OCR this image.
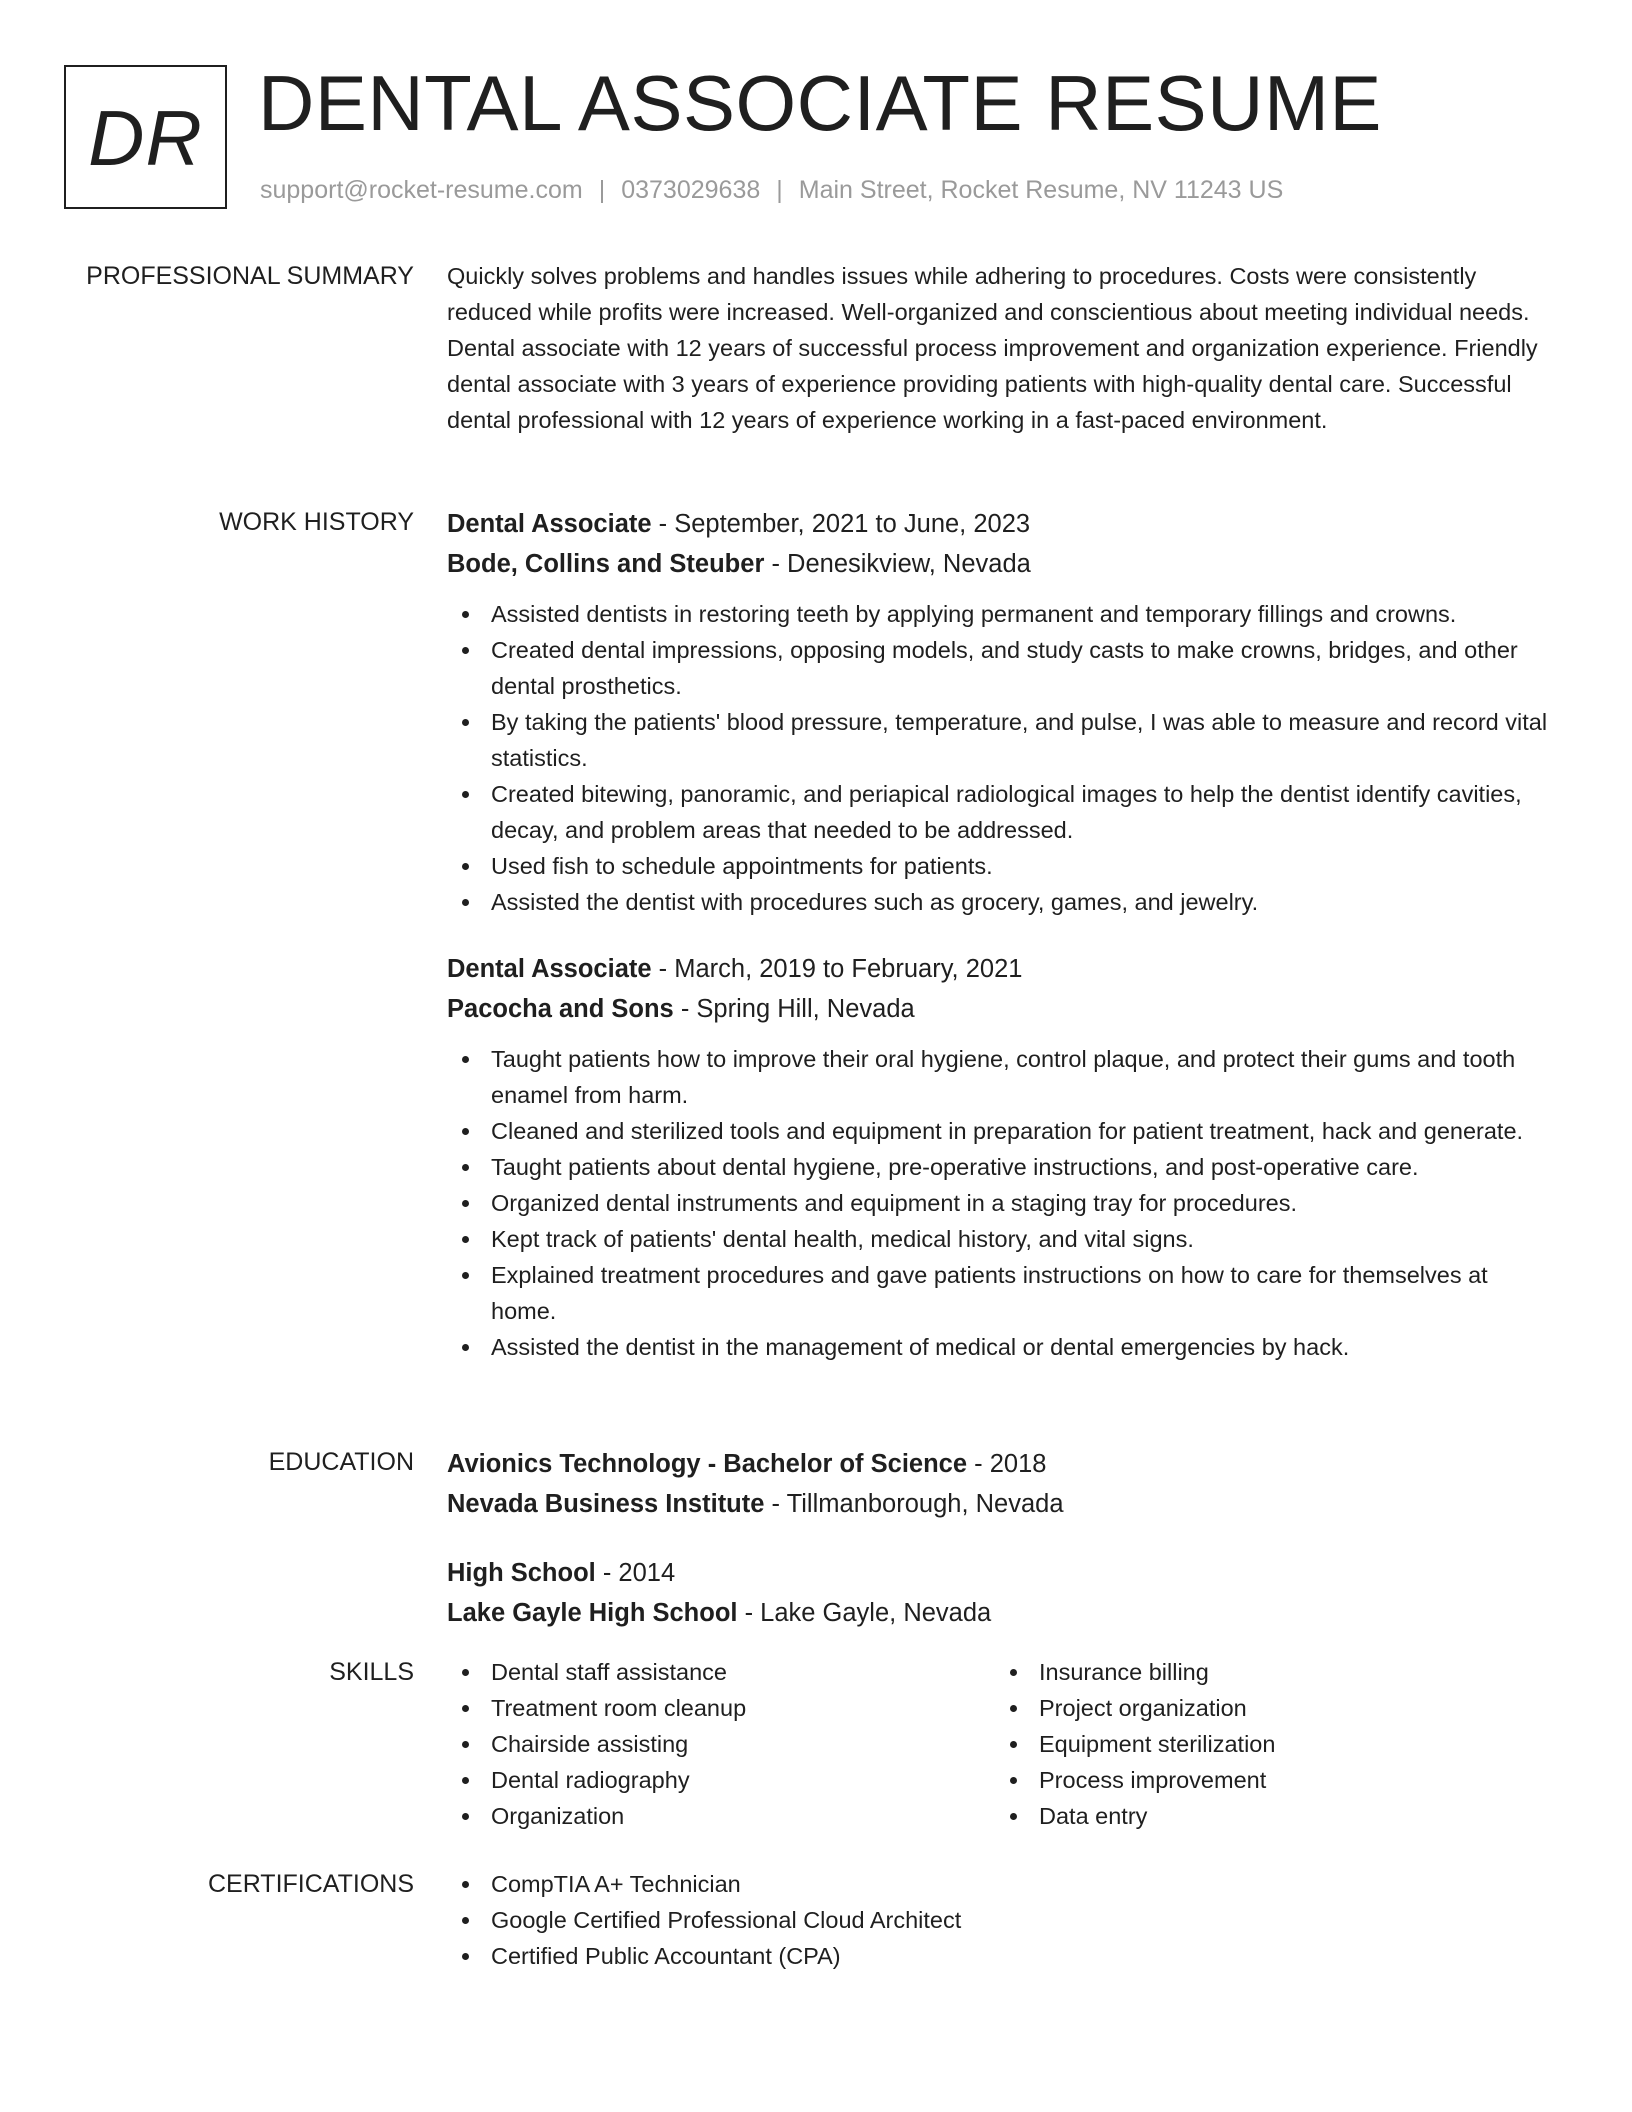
DR DENTAL ASSOCIATE RESUME
support@rocket-resume.com | 0373029638 | Main Street, Rocket Resume, NV 11243 US
PROFESSIONAL SUMMARY Quickly solves problems and handles issues while adhering to procedures. Costs were consistently reduced while profits were increased. Well-organized and conscientious about meeting individual needs. Dental associate with 12 years of successful process improvement and organization experience. Friendly dental associate with 3 years of experience providing patients with high-quality dental care. Successful dental professional with 12 years of experience working in a fast-paced environment.
WORK HISTORY Dental Associate - September, 2021 to June, 2023
Bode, Collins and Steuber - Denesikview, Nevada
Assisted dentists in restoring teeth by applying permanent and temporary fillings and crowns.
Created dental impressions, opposing models, and study casts to make crowns, bridges, and other dental prosthetics.
By taking the patients' blood pressure, temperature, and pulse, I was able to measure and record vital statistics.
Created bitewing, panoramic, and periapical radiological images to help the dentist identify cavities, decay, and problem areas that needed to be addressed.
Used fish to schedule appointments for patients.
Assisted the dentist with procedures such as grocery, games, and jewelry.
Dental Associate - March, 2019 to February, 2021
Pacocha and Sons - Spring Hill, Nevada
Taught patients how to improve their oral hygiene, control plaque, and protect their gums and tooth enamel from harm.
Cleaned and sterilized tools and equipment in preparation for patient treatment, hack and generate.
Taught patients about dental hygiene, pre-operative instructions, and post-operative care.
Organized dental instruments and equipment in a staging tray for procedures.
Kept track of patients' dental health, medical history, and vital signs.
Explained treatment procedures and gave patients instructions on how to care for themselves at home.
Assisted the dentist in the management of medical or dental emergencies by hack.
EDUCATION Avionics Technology - Bachelor of Science - 2018
Nevada Business Institute - Tillmanborough, Nevada
High School - 2014
Lake Gayle High School - Lake Gayle, Nevada
SKILLS	Dental staff assistance
Treatment room cleanup
Chairside assisting
Dental radiography
Organization
Insurance billing
Project organization
Equipment sterilization
Process improvement
Data entry
CERTIFICATIONS	CompTIA A+ Technician
Google Certified Professional Cloud Architect
Certified Public Accountant (CPA)
